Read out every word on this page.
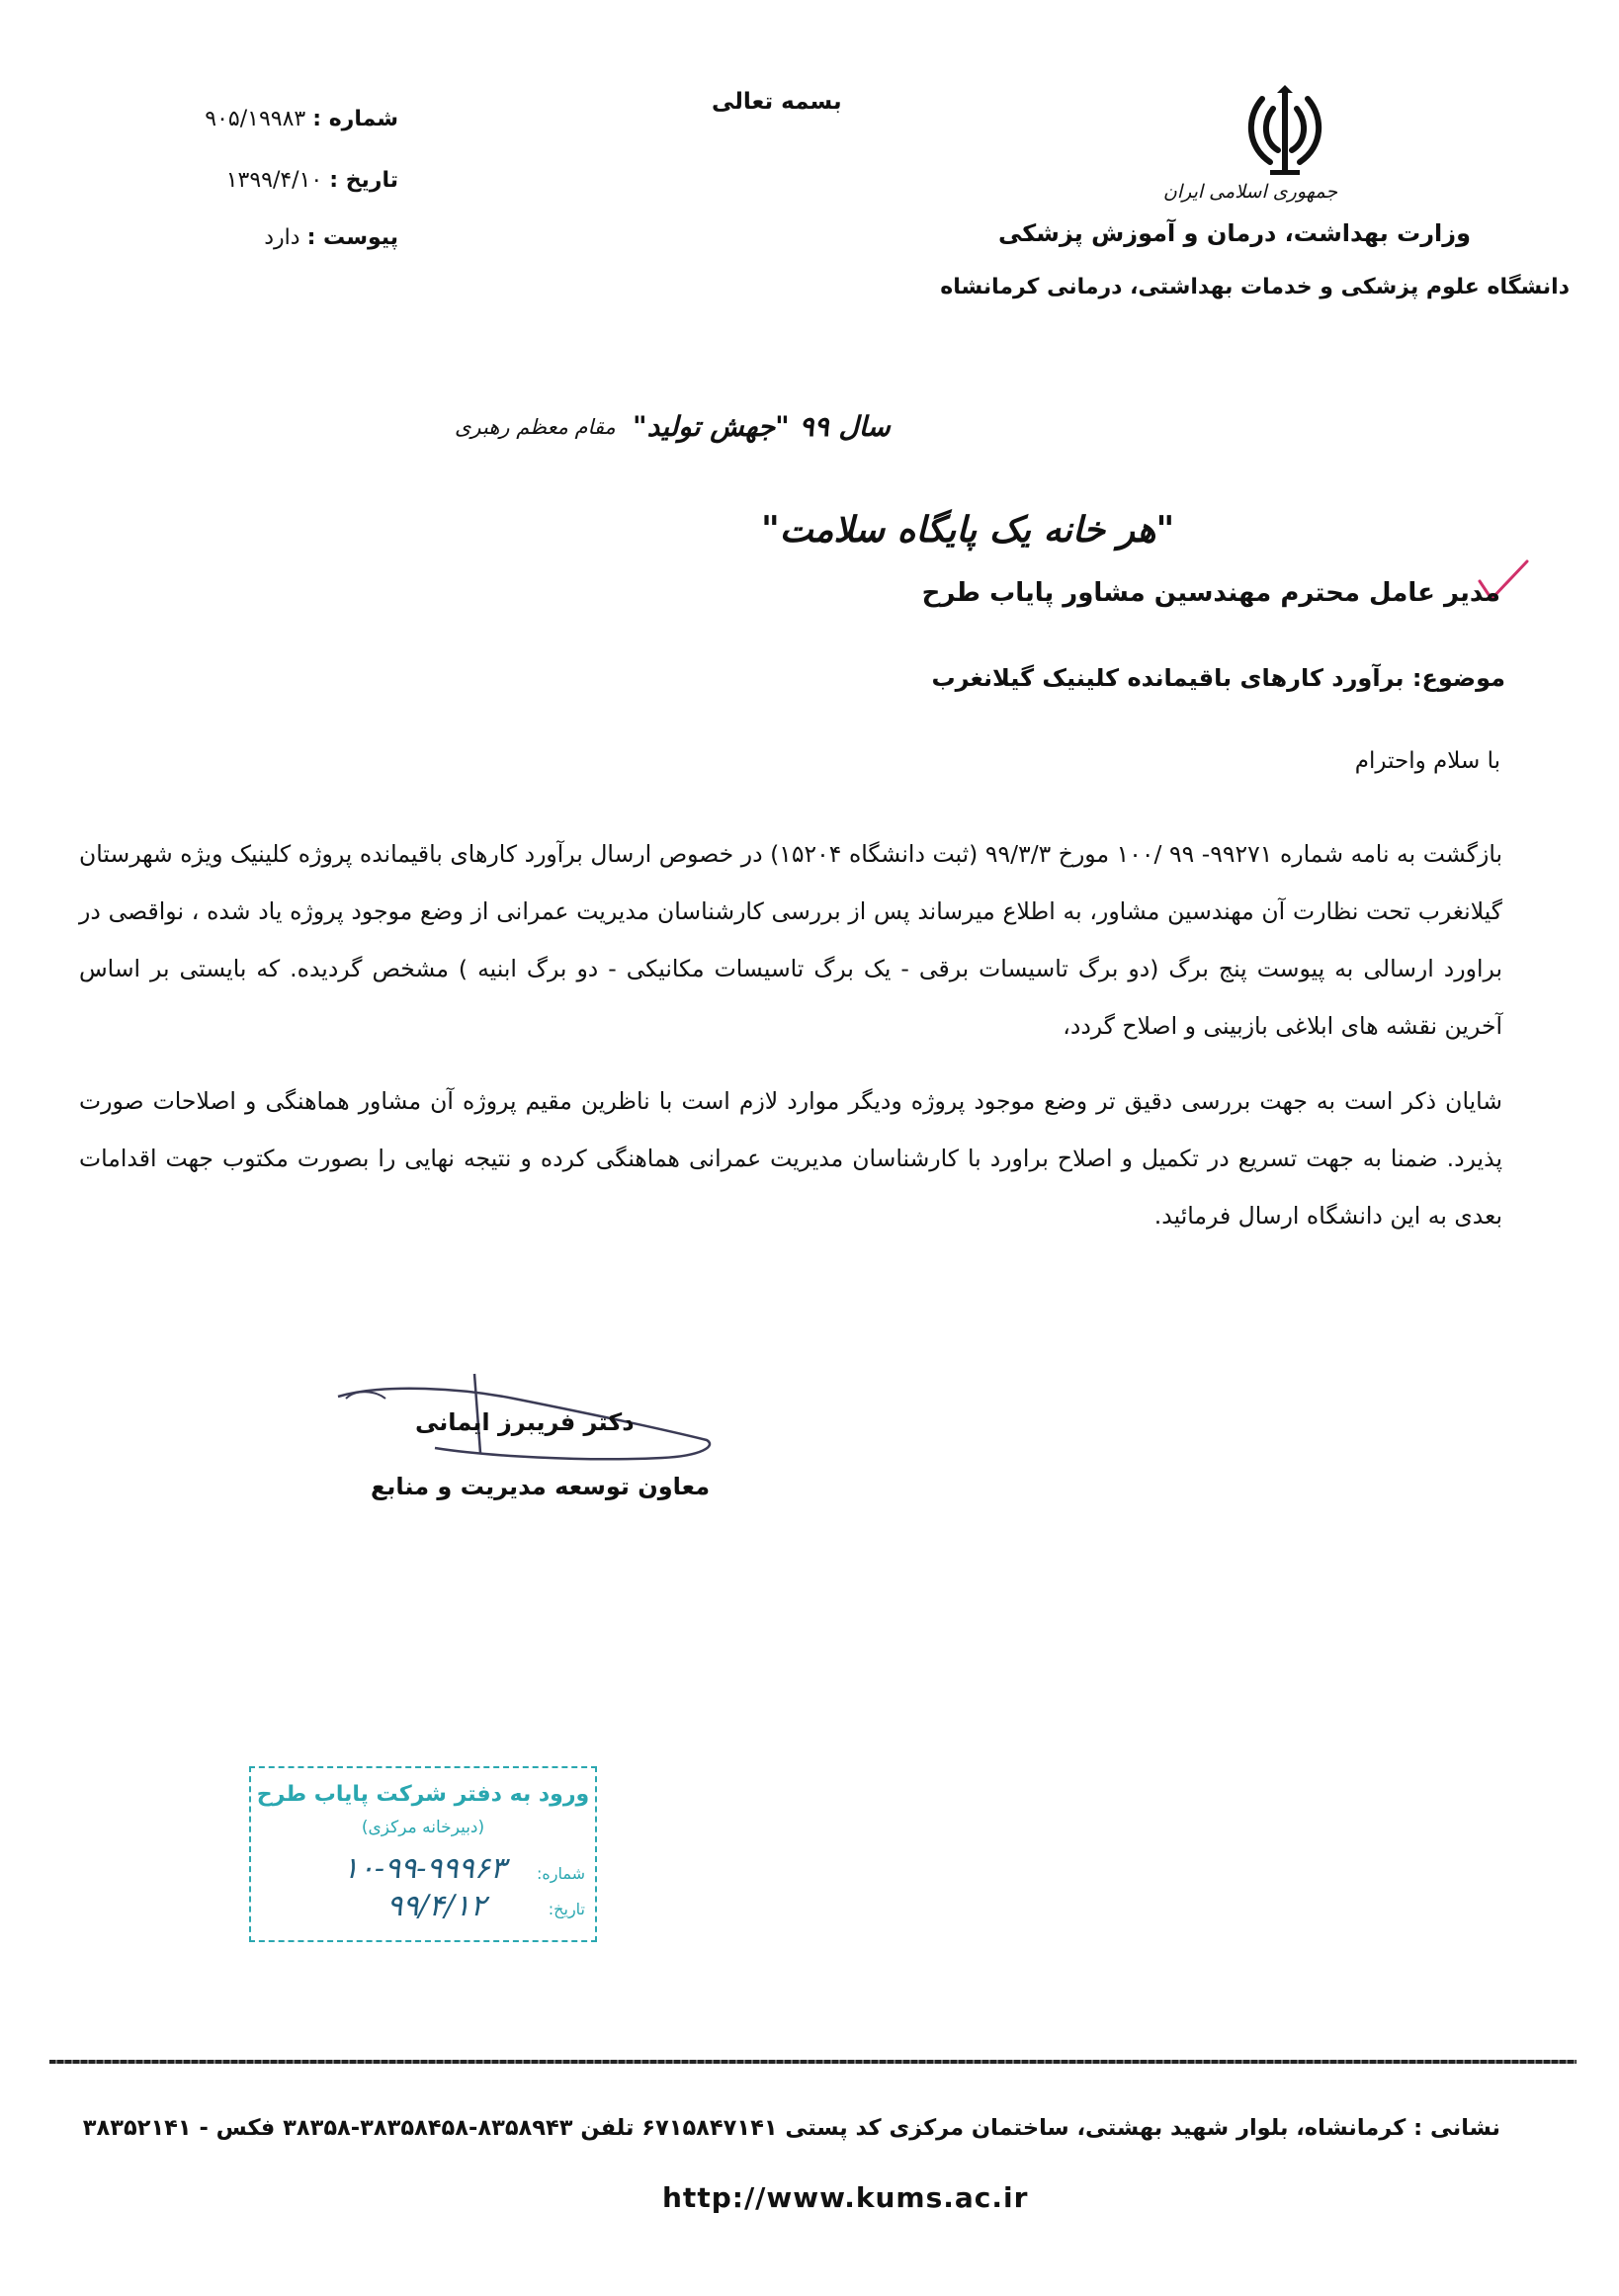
بسمه تعالی
شماره : ۹۰۵/۱۹۹۸۳
تاریخ : ۱۳۹۹/۴/۱۰
پیوست : دارد
جمهوری اسلامی ایران
وزارت بهداشت، درمان و آموزش پزشکی
دانشگاه علوم پزشکی و خدمات بهداشتی، درمانی کرمانشاه
سال ۹۹ "جهش تولید"
مقام معظم رهبری
"هر خانه یک پایگاه سلامت"
مدیر عامل محترم مهندسین مشاور پایاب طرح
موضوع: برآورد کارهای باقیمانده کلینیک گیلانغرب
با سلام واحترام

بازگشت به نامه شماره ۹۹۲۷۱- ۹۹ /۱۰۰ مورخ ۹۹/۳/۳ (ثبت دانشگاه ۱۵۲۰۴) در خصوص ارسال برآورد کارهای باقیمانده پروژه کلینیک ویژه شهرستان گیلانغرب تحت نظارت آن مهندسین مشاور، به اطلاع میرساند پس از بررسی کارشناسان مدیریت عمرانی از وضع موجود پروژه یاد شده ، نواقصی در براورد ارسالی به پیوست پنج برگ (دو برگ تاسیسات برقی - یک برگ تاسیسات مکانیکی - دو برگ ابنیه ) مشخص گردیده. که بایستی بر اساس آخرین نقشه های ابلاغی بازبینی و اصلاح گردد،

شایان ذکر است به جهت بررسی دقیق تر وضع موجود پروژه ودیگر موارد لازم است با ناظرین مقیم پروژه آن مشاور هماهنگی و اصلاحات صورت پذیرد. ضمنا به جهت تسریع در تکمیل و اصلاح براورد با کارشناسان مدیریت عمرانی هماهنگی کرده و نتیجه نهایی را بصورت مکتوب جهت اقدامات بعدی به این دانشگاه ارسال فرمائید.

دکتر فریبرز ایمانی
معاون توسعه مدیریت و منابع
ورود به دفتر شرکت پایاب طرح
(دبیرخانه مرکزی)
شماره:
تاریخ:
۱۰-۹۹-۹۹۹۶۳
۹۹/۴/۱۲
نشانی : کرمانشاه، بلوار شهید بهشتی، ساختمان مرکزی کد پستی ۶۷۱۵۸۴۷۱۴۱ تلفن ۸۳۵۸۹۴۳-۳۸۳۵۸۴۵۸-۳۸۳۵۸ فکس - ۳۸۳۵۲۱۴۱
http://www.kums.ac.ir
